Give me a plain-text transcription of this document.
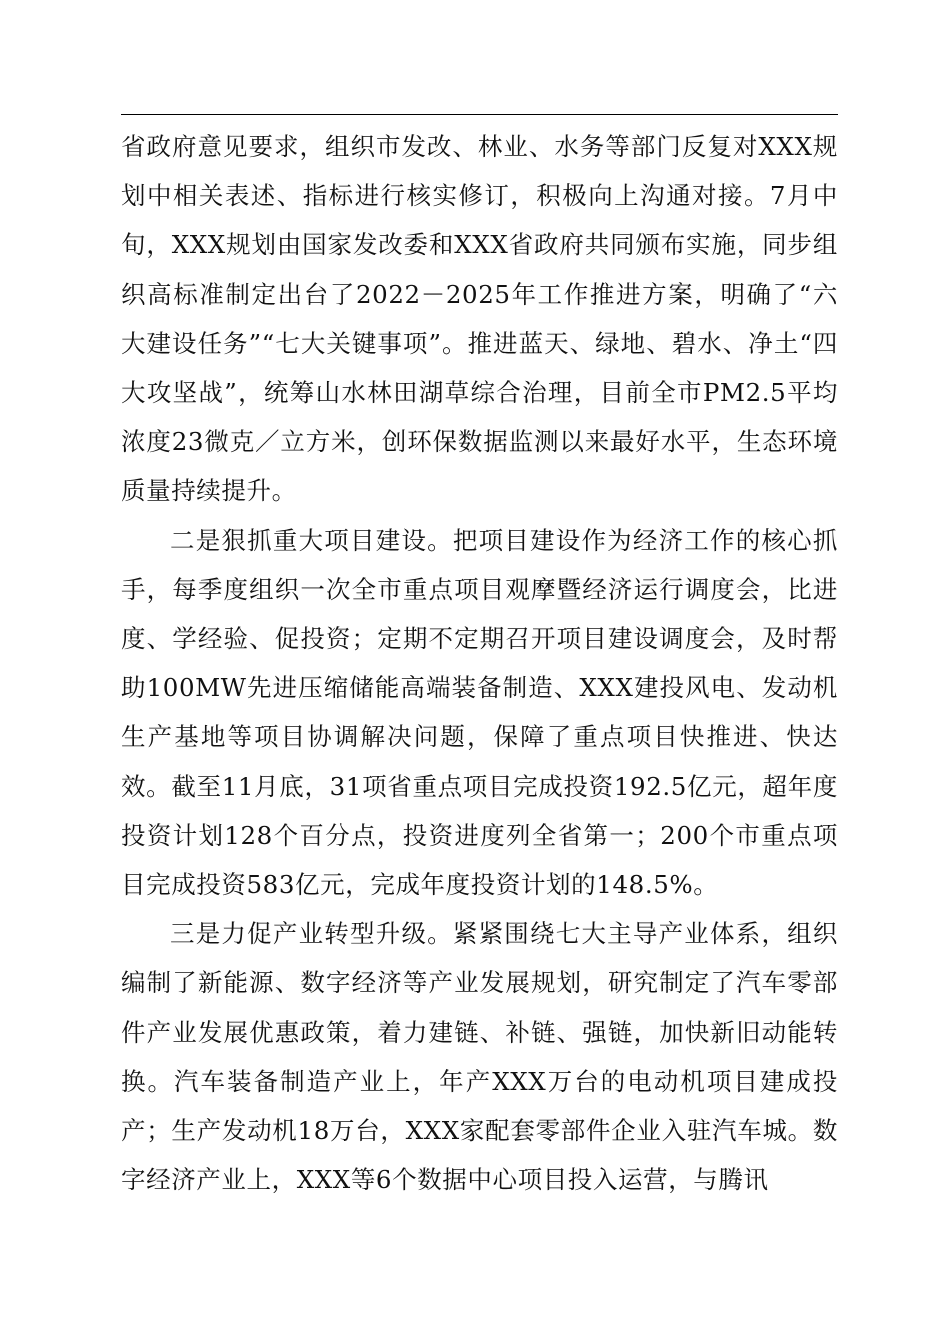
省政府意见要求，组织市发改、林业、水务等部门反复对XXX规划中相关表述、指标进行核实修订，积极向上沟通对接。7月中旬，XXX规划由国家发改委和XXX省政府共同颁布实施，同步组织高标准制定出台了2022－2025年工作推进方案，明确了“六大建设任务”“七大关键事项”。推进蓝天、绿地、碧水、净土“四大攻坚战”，统筹山水林田湖草综合治理，目前全市PM2.5平均浓度23微克／立方米，创环保数据监测以来最好水平，生态环境质量持续提升。

二是狠抓重大项目建设。把项目建设作为经济工作的核心抓手，每季度组织一次全市重点项目观摩暨经济运行调度会，比进度、学经验、促投资；定期不定期召开项目建设调度会，及时帮助100MW先进压缩储能高端装备制造、XXX建投风电、发动机生产基地等项目协调解决问题，保障了重点项目快推进、快达效。截至11月底，31项省重点项目完成投资192.5亿元，超年度投资计划128个百分点，投资进度列全省第一；200个市重点项目完成投资583亿元，完成年度投资计划的148.5%。

三是力促产业转型升级。紧紧围绕七大主导产业体系，组织编制了新能源、数字经济等产业发展规划，研究制定了汽车零部件产业发展优惠政策，着力建链、补链、强链，加快新旧动能转换。汽车装备制造产业上，年产XXX万台的电动机项目建成投产；生产发动机18万台，XXX家配套零部件企业入驻汽车城。数字经济产业上，XXX等6个数据中心项目投入运营，与腾讯
